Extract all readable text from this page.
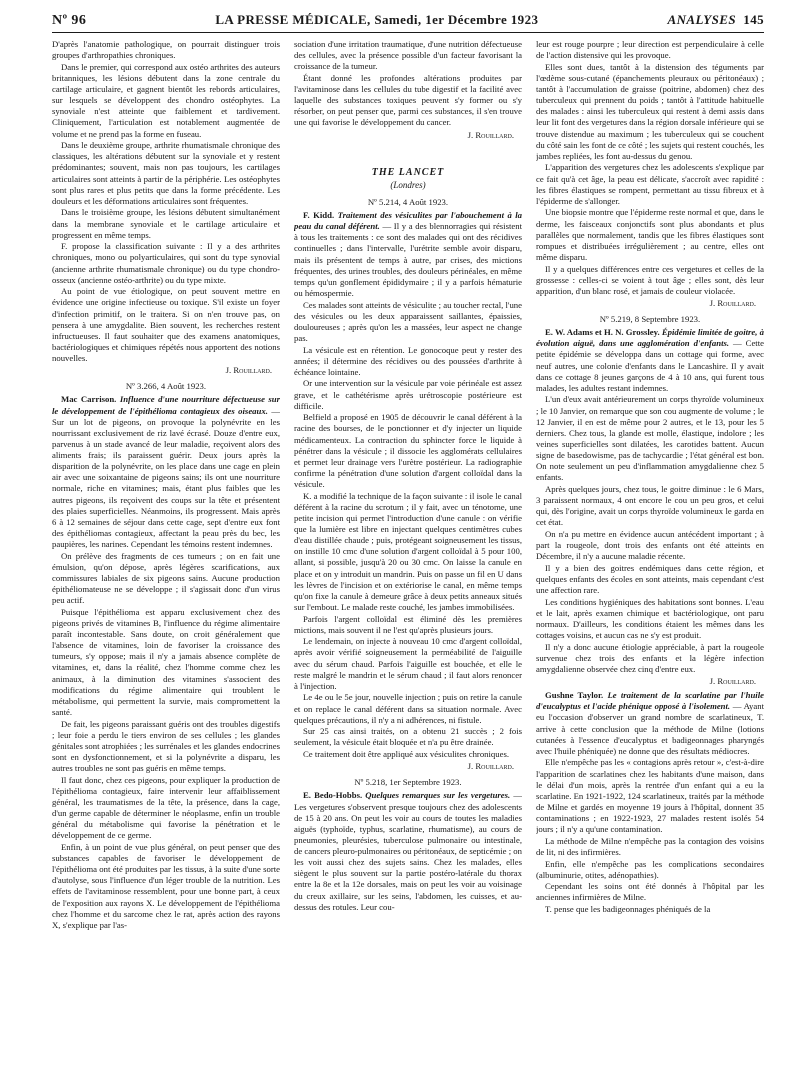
Nº 96	LA PRESSE MÉDICALE, Samedi, 1er Décembre 1923	ANALYSES 145

D'après l'anatomie pathologique, on pourrait distinguer trois groupes d'arthropathies chroniques.

Dans le premier, qui correspond aux ostéo arthrites des auteurs britanniques, les lésions débutent dans la zone centrale du cartilage articulaire, et gagnent bientôt les rebords articulaires, sur lesquels se développent des chondro ostéophytes. La synoviale n'est atteinte que faiblement et tardivement. Cliniquement, l'articulation est notablement augmentée de volume et ne prend pas la forme en fuseau.

Dans le deuxième groupe, arthrite rhumatismale chronique des classiques, les altérations débutent sur la synoviale et y restent prédominantes; souvent, mais non pas toujours, les cartilages articulaires sont atteints à partir de la périphérie. Les ostéophytes sont plus rares et plus petits que dans la forme précédente. Les douleurs et les déformations articulaires sont fréquentes.

Dans le troisième groupe, les lésions débutent simultanément dans la membrane synoviale et le cartilage articulaire et progressent en même temps.

F. propose la classification suivante : Il y a des arthrites chroniques, mono ou polyarticulaires, qui sont du type synovial (ancienne arthrite rhumatismale chronique) ou du type chondro-osseux (ancienne ostéo-arthrite) ou du type mixte.

Au point de vue étiologique, on peut souvent mettre en évidence une origine infectieuse ou toxique. S'il existe un foyer d'infection primitif, on le traitera. Si on n'en trouve pas, on pensera à une amygdalite. Bien souvent, les recherches restent infructueuses. Il faut souhaiter que des examens anatomiques, bactériologiques et chimiques répétés nous apportent des notions nouvelles.

J. Rouillard.
Nº 3.266, 4 Août 1923.

Mac Carrison. Influence d'une nourriture défectueuse sur le développement de l'épithélioma contagieux des oiseaux. — Sur un lot de pigeons, on provoque la polynévrite en les nourrissant exclusivement de riz lavé écrasé. Douze d'entre eux, parvenus à un stade avancé de leur maladie, reçoivent alors des aliments frais; ils paraissent guérir. Deux jours après la disparition de la polynévrite, on les place dans une cage en plein air avec une soixantaine de pigeons sains; ils ont une nourriture normale, riche en vitamines; mais, étant plus faibles que les autres pigeons, ils reçoivent des coups sur la tête et présentent des plaies superficielles. Néanmoins, ils progressent. Mais après 6 à 12 semaines de séjour dans cette cage, sept d'entre eux font des épithéliomas contagieux, affectant la peau près du bec, les paupières, les narines. Cependant les témoins restent indemnes.

On prélève des fragments de ces tumeurs ; on en fait une émulsion, qu'on dépose, après légères scarifications, aux commissures labiales de six pigeons sains. Aucune production épithéliomateuse ne se développe ; il s'agissait donc d'un virus peu actif.

Puisque l'épithélioma est apparu exclusivement chez des pigeons privés de vitamines B, l'influence du régime alimentaire paraît incontestable. Sans doute, on croit généralement que l'absence de vitamines, loin de favoriser la croissance des tumeurs, s'y oppose; mais il n'y a jamais absence complète de vitamines, et, dans la réalité, chez l'homme comme chez les animaux, à la diminution des vitamines s'associent des modifications du régime alimentaire qui troublent le métabolisme, qui permettent la survie, mais compromettent la santé.

De fait, les pigeons paraissant guéris ont des troubles digestifs ; leur foie a perdu le tiers environ de ses cellules ; les glandes génitales sont atrophiées ; les surrénales et les glandes endocrines sont en dysfonctionnement, et si la polynévrite a disparu, les autres troubles ne sont pas guéris en même temps.

Il faut donc, chez ces pigeons, pour expliquer la production de l'épithélioma contagieux, faire intervenir leur affaiblissement général, les traumatismes de la tête, la présence, dans la cage, d'un germe capable de déterminer le néoplasme, enfin un trouble général du métabolisme qui favorise la pénétration et le développement de ce germe.

Enfin, à un point de vue plus général, on peut penser que des substances capables de favoriser le développement de l'épithélioma ont été produites par les tissus, à la suite d'une sorte d'autolyse, sous l'influence d'un léger trouble de la nutrition. Les effets de l'avitaminose ressemblent, pour une bonne part, à ceux de l'exposition aux rayons X. Le développement de l'épithélioma chez l'homme et du sarcome chez le rat, après action des rayons X, s'explique par l'as-

sociation d'une irritation traumatique, d'une nutrition défectueuse des cellules, avec la présence possible d'un facteur favorisant la croissance de la tumeur.

Étant donné les profondes altérations produites par l'avitaminose dans les cellules du tube digestif et la facilité avec laquelle des substances toxiques peuvent s'y former ou s'y résorber, on peut penser que, parmi ces substances, il s'en trouve une qui favorise le développement du cancer.

J. Rouillard.
THE LANCET
(Londres)
Nº 5.214, 4 Août 1923.

F. Kidd. Traitement des vésiculites par l'abouchement à la peau du canal déférent. — Il y a des blennorragies qui résistent à tous les traitements : ce sont des malades qui ont des récidives continuelles ; dans l'intervalle, l'urétrite semble avoir disparu, mais ils présentent de temps à autre, par crises, des mictions fréquentes, des urines troubles, des douleurs périnéales, en même temps qu'un gonflement épididymaire ; il y a parfois hématurie ou hémospermie.

Ces malades sont atteints de vésiculite ; au toucher rectal, l'une des vésicules ou les deux apparaissent saillantes, épaissies, douloureuses ; après qu'on les a massées, leur aspect ne change pas.

La vésicule est en rétention. Le gonocoque peut y rester des années; il détermine des récidives ou des poussées d'arthrite à échéance lointaine.

Or une intervention sur la vésicule par voie périnéale est assez grave, et le cathétérisme après urétroscopie postérieure est difficile.

Belfield a proposé en 1905 de découvrir le canal déférent à la racine des bourses, de le ponctionner et d'y injecter un liquide médicamenteux. La contraction du sphincter force le liquide à pénétrer dans la vésicule ; il dissocie les agglomérats cellulaires et permet leur drainage vers l'urètre postérieur. La radiographie confirme la pénétration d'une solution d'argent colloïdal dans la vésicule.

K. a modifié la technique de la façon suivante : il isole le canal déférent à la racine du scrotum ; il y fait, avec un ténotome, une petite incision qui permet l'introduction d'une canule : on vérifie que la lumière est libre en injectant quelques centimètres cubes d'eau distillée chaude ; puis, protégeant soigneusement les tissus, on instille 10 cmc d'une solution d'argent colloïdal à 5 pour 100, allant, si possible, jusqu'à 20 ou 30 cmc. On laisse la canule en place et on y introduit un mandrin. Puis on passe un fil en U dans les lèvres de l'incision et on extériorise le canal, en même temps qu'on fixe la canule à demeure grâce à deux petits anneaux situés sur l'embout. Le malade reste couché, les jambes immobilisées.

Parfois l'argent colloïdal est éliminé dès les premières mictions, mais souvent il ne l'est qu'après plusieurs jours.

Le lendemain, on injecte à nouveau 10 cmc d'argent colloïdal, après avoir vérifié soigneusement la perméabilité de l'aiguille avec du sérum chaud. Parfois l'aiguille est bouchée, et elle le reste malgré le mandrin et le sérum chaud ; il faut alors renoncer à l'injection.

Le 4e ou le 5e jour, nouvelle injection ; puis on retire la canule et on replace le canal déférent dans sa situation normale. Avec quelques précautions, il n'y a ni adhérences, ni fistule.

Sur 25 cas ainsi traités, on a obtenu 21 succès ; 2 fois seulement, la vésicule était bloquée et n'a pu être drainée.

Ce traitement doit être appliqué aux vésiculites chroniques.

J. Rouillard.
Nº 5.218, 1er Septembre 1923.

E. Bedo-Hobbs. Quelques remarques sur les vergetures. — Les vergetures s'observent presque toujours chez des adolescents de 15 à 20 ans. On peut les voir au cours de toutes les maladies aiguës (typhoïde, typhus, scarlatine, rhumatisme), au cours de pneumonies, pleurésies, tuberculose pulmonaire ou intestinale, de cancers pleuro-pulmonaires ou péritonéaux, de septicémie ; on les voit aussi chez des sujets sains. Chez les malades, elles siègent le plus souvent sur la partie postéro-latérale du thorax entre la 8e et la 12e dorsales, mais on peut les voir au voisinage du creux axillaire, sur les seins, l'abdomen, les cuisses, et au-dessus des rotules. Leur cou-

leur est rouge pourpre ; leur direction est perpendiculaire à celle de l'action distensive qui les provoque.

Elles sont dues, tantôt à la distension des téguments par l'œdème sous-cutané (épanchements pleuraux ou péritonéaux) ; tantôt à l'accumulation de graisse (poitrine, abdomen) chez des tuberculeux qui prennent du poids ; tantôt à l'attitude habituelle des malades : ainsi les tuberculeux qui restent à demi assis dans leur lit font des vergetures dans la région dorsale inférieure qui se trouve distendue au maximum ; les tuberculeux qui se couchent du côté sain les font de ce côté ; les sujets qui restent couchés, les jambes repliées, les font au-dessus du genou.

L'apparition des vergetures chez les adolescents s'explique par ce fait qu'à cet âge, la peau est délicate, s'accroît avec rapidité : les fibres élastiques se rompent, permettant au tissu fibreux et à l'épiderme de s'allonger.

Une biopsie montre que l'épiderme reste normal et que, dans le derme, les faisceaux conjonctifs sont plus abondants et plus parallèles que normalement, tandis que les fibres élastiques sont rompues et distribuées irrégulièrement ; au centre, elles ont même disparu.

Il y a quelques différences entre ces vergetures et celles de la grossesse : celles-ci se voient à tout âge ; elles sont, dès leur apparition, d'un blanc rosé, et jamais de couleur violacée.

J. Rouillard.
Nº 5.219, 8 Septembre 1923.

E. W. Adams et H. N. Grossley. Épidémie limitée de goitre, à évolution aiguë, dans une agglomération d'enfants. — Cette petite épidémie se développa dans un cottage qui forme, avec neuf autres, une colonie d'enfants dans le Lancashire. Il y avait dans ce cottage 8 jeunes garçons de 4 à 10 ans, qui furent tous malades, les adultes restant indemnes.

L'un d'eux avait antérieurement un corps thyroïde volumineux ; le 10 Janvier, on remarque que son cou augmente de volume ; le 12 Janvier, il en est de même pour 2 autres, et le 13, pour les 5 derniers. Chez tous, la glande est molle, élastique, indolore ; les veines superficielles sont dilatées, les carotides battent. Aucun signe de basedowisme, pas de tachycardie ; l'état général est bon. On note seulement un peu d'inflammation amygdalienne chez 5 enfants.

Après quelques jours, chez tous, le goitre diminue : le 6 Mars, 3 paraissent normaux, 4 ont encore le cou un peu gros, et celui qui, dès l'origine, avait un corps thyroïde volumineux le garda en cet état.

On n'a pu mettre en évidence aucun antécédent important ; à part la rougeole, dont trois des enfants ont été atteints en Décembre, il n'y a aucune maladie récente.

Il y a bien des goitres endémiques dans cette région, et quelques enfants des écoles en sont atteints, mais cependant c'est une affection rare.

Les conditions hygiéniques des habitations sont bonnes. L'eau et le lait, après examen chimique et bactériologique, ont paru normaux. D'ailleurs, les conditions étaient les mêmes dans les cottages voisins, et aucun cas ne s'y est produit.

Il n'y a donc aucune étiologie appréciable, à part la rougeole survenue chez trois des enfants et la légère infection amygdalienne observée chez cinq d'entre eux.

J. Rouillard.

Gushne Taylor. Le traitement de la scarlatine par l'huile d'eucalyptus et l'acide phénique opposé à l'isolement. — Ayant eu l'occasion d'observer un grand nombre de scarlatineux, T. arrive à cette conclusion que la méthode de Milne (lotions cutanées à l'essence d'eucalyptus et badigeonnages pharyngés avec l'huile phéniquée) ne donne que des résultats médiocres.

Elle n'empêche pas les « contagions après retour », c'est-à-dire l'apparition de scarlatines chez les habitants d'une maison, dans le délai d'un mois, après la rentrée d'un enfant qui a eu la scarlatine. En 1921-1922, 124 scarlatineux, traités par la méthode de Milne et gardés en moyenne 19 jours à l'hôpital, donnent 35 contaminations ; en 1922-1923, 27 malades restent isolés 54 jours ; il n'y a qu'une contamination.

La méthode de Milne n'empêche pas la contagion des voisins de lit, ni des infirmières.

Enfin, elle n'empêche pas les complications secondaires (albuminurie, otites, adénopathies).

Cependant les soins ont été donnés à l'hôpital par les anciennes infirmières de Milne.

T. pense que les badigeonnages phéniqués de la
